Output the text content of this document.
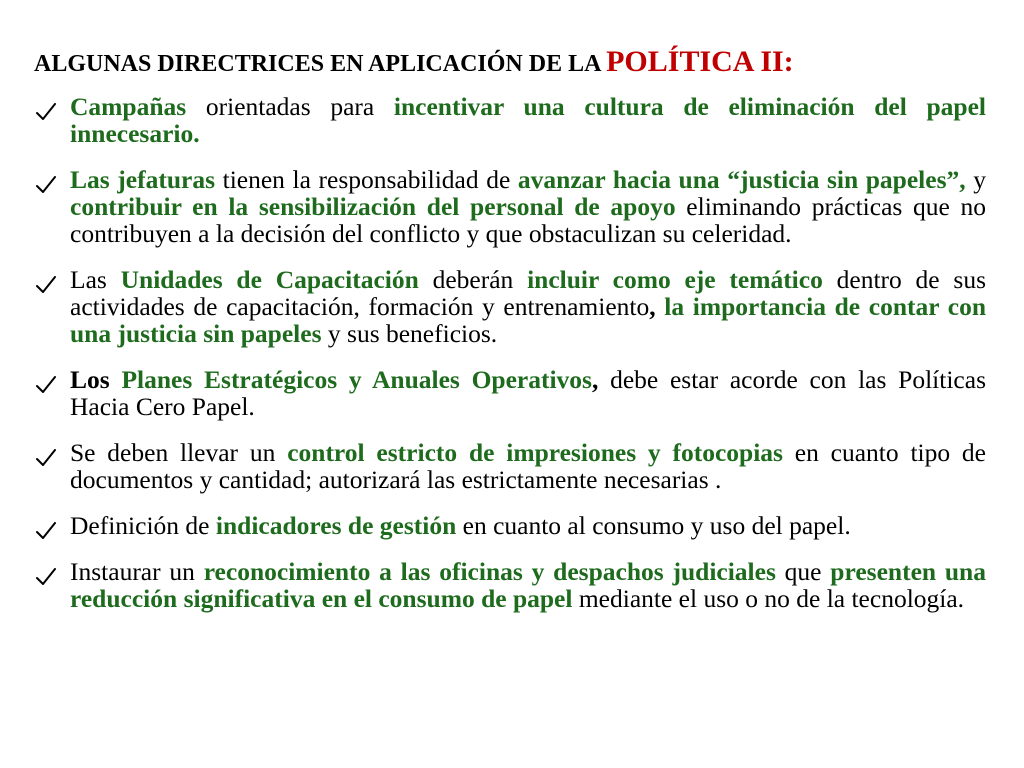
ALGUNAS DIRECTRICES EN APLICACIÓN DE LA POLÍTICA II:
Campañas orientadas para incentivar una cultura de eliminación del papel innecesario.
Las jefaturas tienen la responsabilidad de avanzar hacia una “justicia sin papeles”, y contribuir en la sensibilización del personal de apoyo eliminando prácticas que no contribuyen a la decisión del conflicto y que obstaculizan su celeridad.
Las Unidades de Capacitación deberán incluir como eje temático dentro de sus actividades de capacitación, formación y entrenamiento, la importancia de contar con una justicia sin papeles y sus beneficios.
Los Planes Estratégicos y Anuales Operativos, debe estar acorde con las Políticas Hacia Cero Papel.
Se deben llevar un control estricto de impresiones y fotocopias en cuanto tipo de documentos y cantidad; autorizará las estrictamente necesarias .
Definición de indicadores de gestión en cuanto al consumo y uso del papel.
Instaurar un reconocimiento a las oficinas y despachos judiciales que presenten una reducción significativa en el consumo de papel mediante el uso o no de la tecnología.
